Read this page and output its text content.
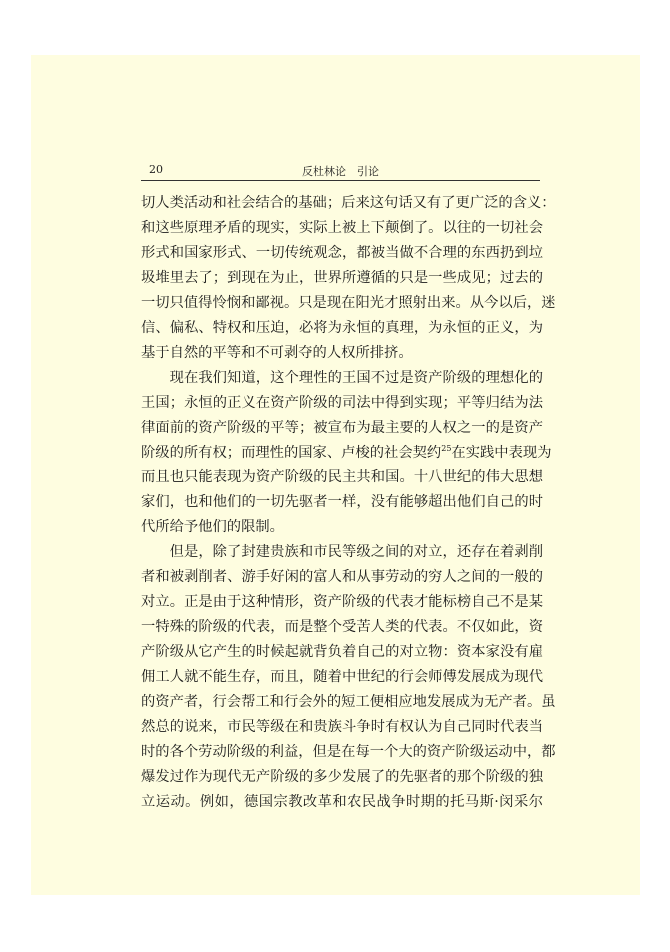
20	反杜林论　引论

切人类活动和社会结合的基础；后来这句话又有了更广泛的含义：
和这些原理矛盾的现实，实际上被上下颠倒了。以往的一切社会
形式和国家形式、一切传统观念，都被当做不合理的东西扔到垃
圾堆里去了；到现在为止，世界所遵循的只是一些成见；过去的
一切只值得怜悯和鄙视。只是现在阳光才照射出来。从今以后，迷
信、偏私、特权和压迫，必将为永恒的真理，为永恒的正义，为
基于自然的平等和不可剥夺的人权所排挤。

现在我们知道，这个理性的王国不过是资产阶级的理想化的
王国；永恒的正义在资产阶级的司法中得到实现；平等归结为法
律面前的资产阶级的平等；被宣布为最主要的人权之一的是资产
阶级的所有权；而理性的国家、卢梭的社会契约$^{25}$在实践中表现为
而且也只能表现为资产阶级的民主共和国。十八世纪的伟大思想
家们，也和他们的一切先驱者一样，没有能够超出他们自己的时
代所给予他们的限制。

但是，除了封建贵族和市民等级之间的对立，还存在着剥削
者和被剥削者、游手好闲的富人和从事劳动的穷人之间的一般的
对立。正是由于这种情形，资产阶级的代表才能标榜自己不是某
一特殊的阶级的代表，而是整个受苦人类的代表。不仅如此，资
产阶级从它产生的时候起就背负着自己的对立物：资本家没有雇
佣工人就不能生存，而且，随着中世纪的行会师傅发展成为现代
的资产者，行会帮工和行会外的短工便相应地发展成为无产者。虽
然总的说来，市民等级在和贵族斗争时有权认为自己同时代表当
时的各个劳动阶级的利益，但是在每一个大的资产阶级运动中，都
爆发过作为现代无产阶级的多少发展了的先驱者的那个阶级的独
立运动。例如，德国宗教改革和农民战争时期的托马斯·闵采尔
